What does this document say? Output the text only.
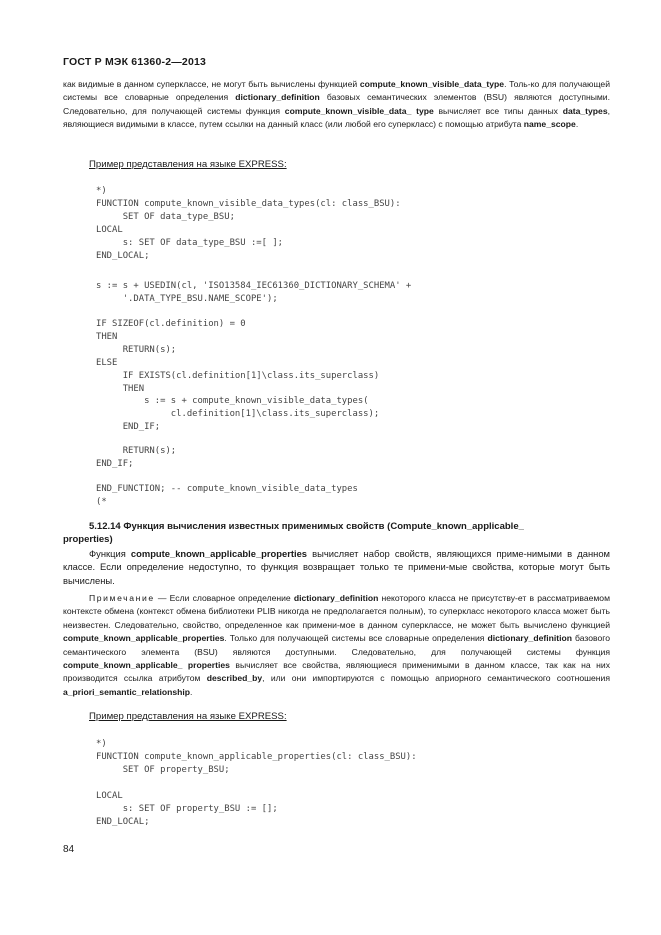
ГОСТ Р МЭК 61360-2—2013
как видимые в данном суперклассе, не могут быть вычислены функцией compute_known_visible_data_type. Толь-ко для получающей системы все словарные определения dictionary_definition базовых семантических элементов (BSU) являются доступными. Следовательно, для получающей системы функция compute_known_visible_data_ type вычисляет все типы данных data_types, являющиеся видимыми в классе, путем ссылки на данный класс (или любой его суперкласс) с помощью атрибута name_scope.
Пример представления на языке EXPRESS:
*)
FUNCTION compute_known_visible_data_types(cl: class_BSU):
SET OF data_type_BSU;
LOCAL
s: SET OF data_type_BSU :=[ ];
END_LOCAL;
s := s + USEDIN(cl, 'ISO13584_IEC61360_DICTIONARY_SCHEMA' +
'.DATA_TYPE_BSU.NAME_SCOPE');
IF SIZEOF(cl.definition) = 0
THEN
RETURN(s);
ELSE
IF EXISTS(cl.definition[1]\class.its_superclass)
THEN
s := s + compute_known_visible_data_types(
cl.definition[1]\class.its_superclass);
END_IF;
RETURN(s);
END_IF;
END_FUNCTION; -- compute_known_visible_data_types
(*
5.12.14 Функция вычисления известных применимых свойств (Compute_known_applicable_
properties)
Функция compute_known_applicable_properties вычисляет набор свойств, являющихся приме-нимыми в данном классе. Если определение недоступно, то функция возвращает только те примени-мые свойства, которые могут быть вычислены.
Примечание — Если словарное определение dictionary_definition некоторого класса не присутству-ет в рассматриваемом контексте обмена (контекст обмена библиотеки PLIB никогда не предполагается полным), то суперкласс некоторого класса может быть неизвестен. Следовательно, свойство, определенное как примени-мое в данном суперклассе, не может быть вычислено функцией compute_known_applicable_properties. Только для получающей системы все словарные определения dictionary_definition базового семантического элемента (BSU) являются доступными. Следовательно, для получающей системы функция compute_known_applicable_ properties вычисляет все свойства, являющиеся применимыми в данном классе, так как на них производится ссылка атрибутом described_by, или они импортируются с помощью априорного семантического соотношения a_priori_semantic_relationship.
Пример представления на языке EXPRESS:
*)
FUNCTION compute_known_applicable_properties(cl: class_BSU):
SET OF property_BSU;
LOCAL
s: SET OF property_BSU := [];
END_LOCAL;
84
